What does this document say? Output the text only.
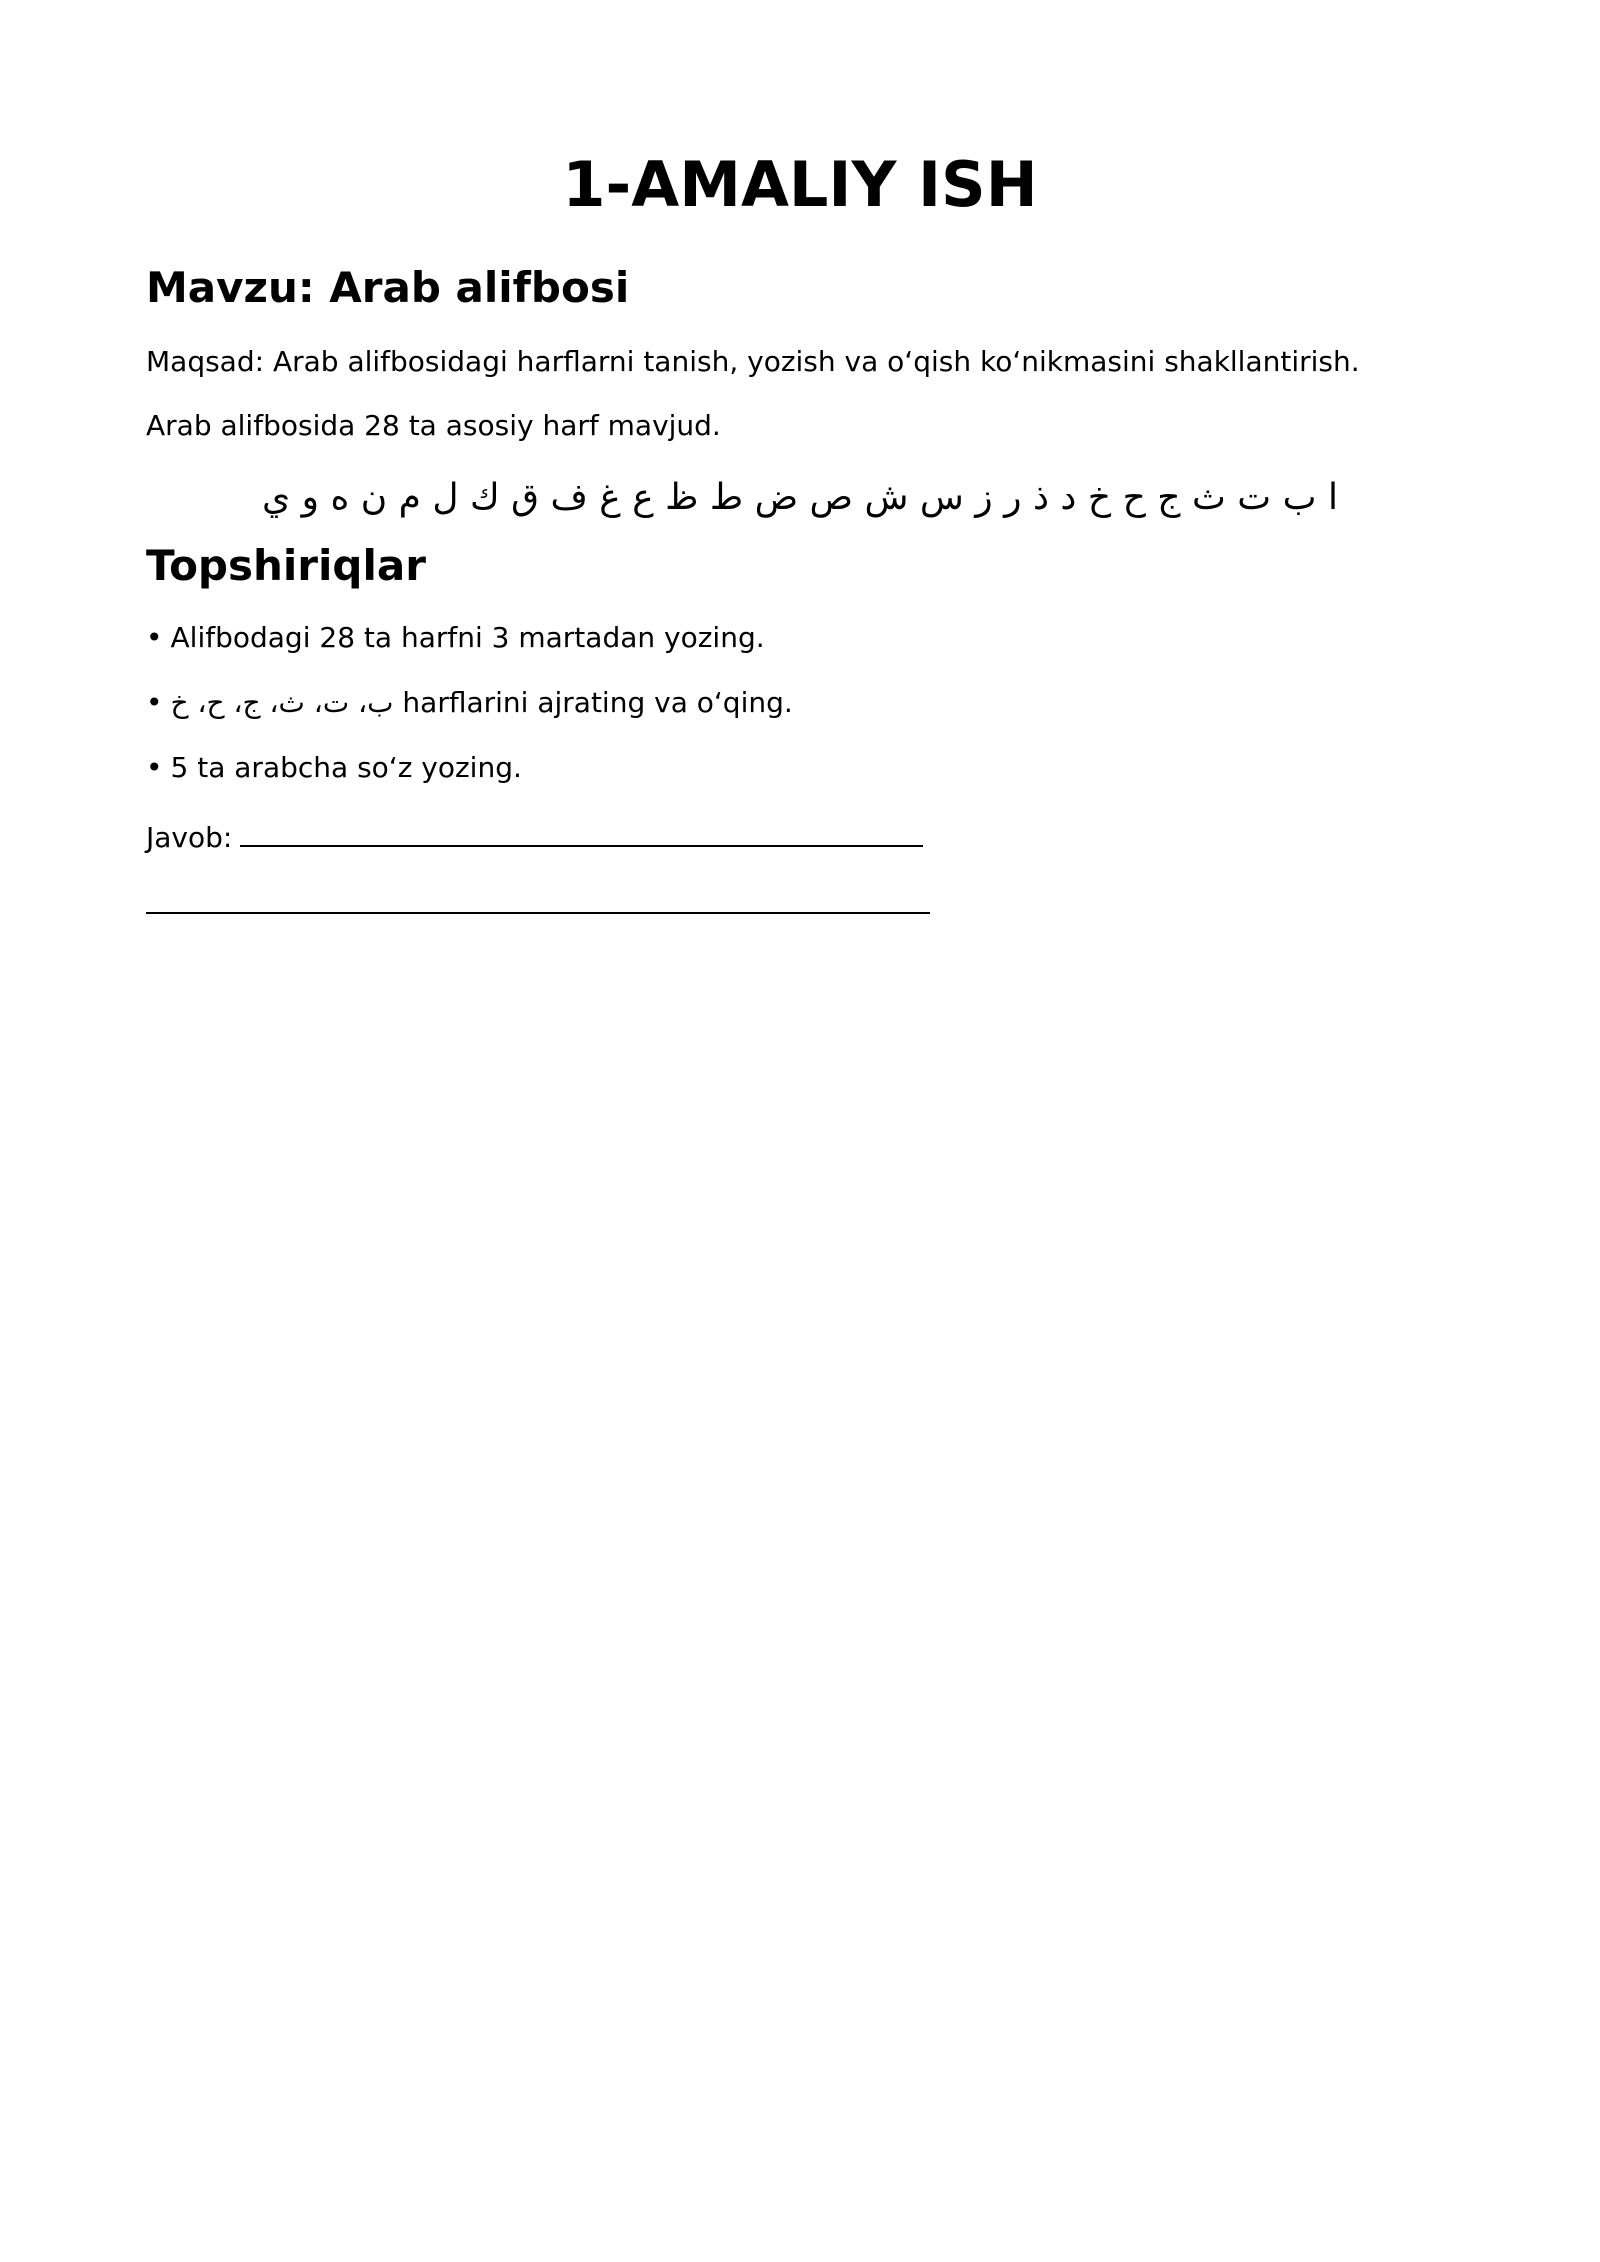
1-AMALIY ISH
Mavzu: Arab alifbosi

Maqsad: Arab alifbosidagi harflarni tanish, yozish va o‘qish ko‘nikmasini shakllantirish.

Arab alifbosida 28 ta asosiy harf mavjud.

ا ب ت ث ج ح خ د ذ ر ز س ش ص ض ط ظ ع غ ف ق ك ل م ن ه و ي

Topshiriqlar
• Alifbodagi 28 ta harfni 3 martadan yozing.
• ب، ت، ث، ج، ح، خ harflarini ajrating va o‘qing.
• 5 ta arabcha so‘z yozing.
Javob:
